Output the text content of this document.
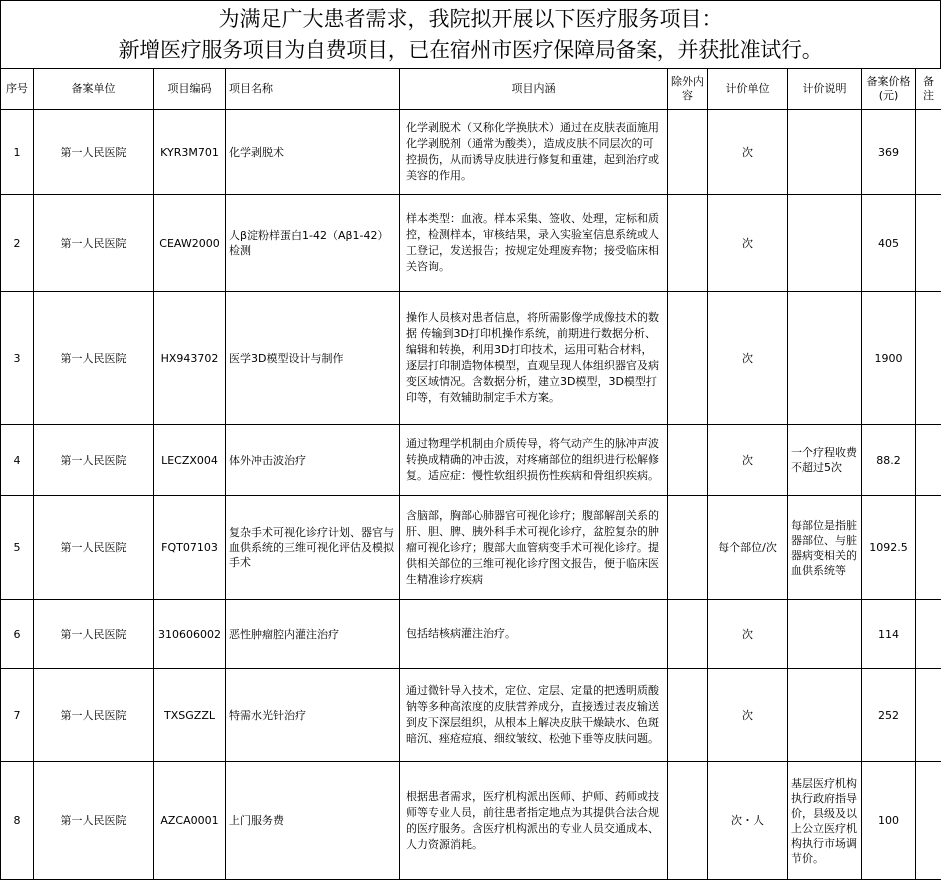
为满足广大患者需求，我院拟开展以下医疗服务项目：
新增医疗服务项目为自费项目，已在宿州市医疗保障局备案，并获批准试行。
序号	备案单位	项目编码	项目名称	项目内涵	除外内容	计价单位	计价说明	备案价格(元)	备注
1	第一人民医院	KYR3M701	化学剥脱术	化学剥脱术（又称化学换肤术）通过在皮肤表面施用化学剥脱剂（通常为酸类），造成皮肤不同层次的可控损伤，从而诱导皮肤进行修复和重建，起到治疗或美容的作用。		次		369	
2	第一人民医院	CEAW2000	人β淀粉样蛋白1-42（Aβ1-42）检测	样本类型：血液。样本采集、签收、处理，定标和质控，检测样本，审核结果，录入实验室信息系统或人工登记，发送报告；按规定处理废弃物；接受临床相关咨询。		次		405	
3	第一人民医院	HX943702	医学3D模型设计与制作	操作人员核对患者信息，将所需影像学成像技术的数据 传输到3D打印机操作系统，前期进行数据分析、编辑和转换，利用3D打印技术，运用可粘合材料，逐层打印制造物体模型，直观呈现人体组织器官及病变区域情况。含数据分析，建立3D模型，3D模型打印等，有效辅助制定手术方案。		次		1900	
4	第一人民医院	LECZX004	体外冲击波治疗	通过物理学机制由介质传导，将气动产生的脉冲声波转换成精确的冲击波，对疼痛部位的组织进行松解修复。适应症：慢性软组织损伤性疾病和骨组织疾病。		次	一个疗程收费不超过5次	88.2	
5	第一人民医院	FQT07103	复杂手术可视化诊疗计划、器官与血供系统的三维可视化评估及模拟手术	含脑部，胸部心肺器官可视化诊疗；腹部解剖关系的肝、胆、脾、胰外科手术可视化诊疗，盆腔复杂的肿瘤可视化诊疗；腹部大血管病变手术可视化诊疗。提供相关部位的三维可视化诊疗图文报告，便于临床医生精准诊疗疾病		每个部位/次	每部位是指脏器部位、与脏器病变相关的血供系统等	1092.5	
6	第一人民医院	310606002	恶性肿瘤腔内灌注治疗	包括结核病灌注治疗。		次		114	
7	第一人民医院	TXSGZZL	特需水光针治疗	通过微针导入技术，定位、定层、定量的把透明质酸钠等多种高浓度的皮肤营养成分，直接透过表皮输送到皮下深层组织，从根本上解决皮肤干燥缺水、色斑暗沉、痤疮痘痕、细纹皱纹、松弛下垂等皮肤问题。		次		252	
8	第一人民医院	AZCA0001	上门服务费	根据患者需求，医疗机构派出医师、护师、药师或技师等专业人员，前往患者指定地点为其提供合法合规的医疗服务。含医疗机构派出的专业人员交通成本、人力资源消耗。		次・人	基层医疗机构执行政府指导价，县级及以上公立医疗机构执行市场调节价。	100	
